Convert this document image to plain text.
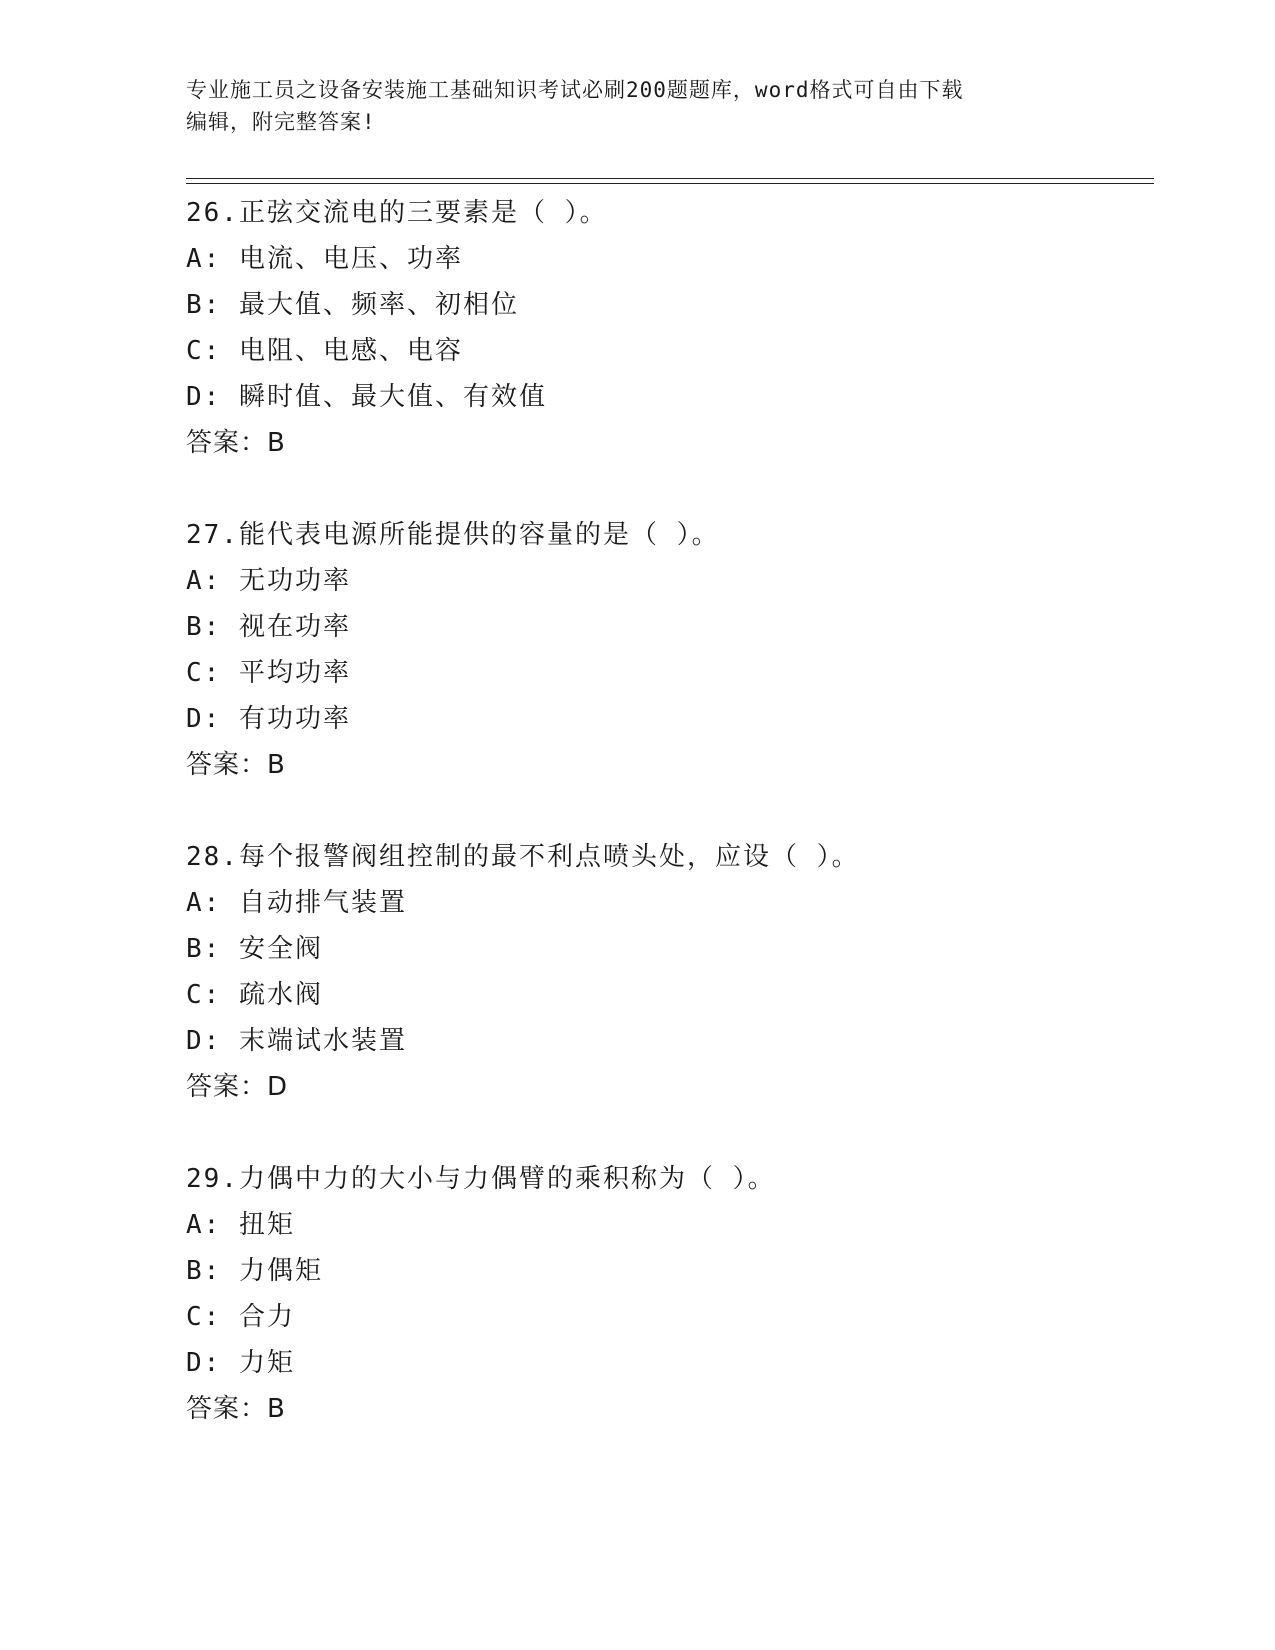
专业施工员之设备安装施工基础知识考试必刷200题题库，word格式可自由下载
编辑，附完整答案!
26.正弦交流电的三要素是（ ）。
A: 电流、电压、功率
B: 最大值、频率、初相位
C: 电阻、电感、电容
D: 瞬时值、最大值、有效值
答案：B
27.能代表电源所能提供的容量的是（ ）。
A: 无功功率
B: 视在功率
C: 平均功率
D: 有功功率
答案：B
28.每个报警阀组控制的最不利点喷头处，应设（ ）。
A: 自动排气装置
B: 安全阀
C: 疏水阀
D: 末端试水装置
答案：D
29.力偶中力的大小与力偶臂的乘积称为（ ）。
A: 扭矩
B: 力偶矩
C: 合力
D: 力矩
答案：B
